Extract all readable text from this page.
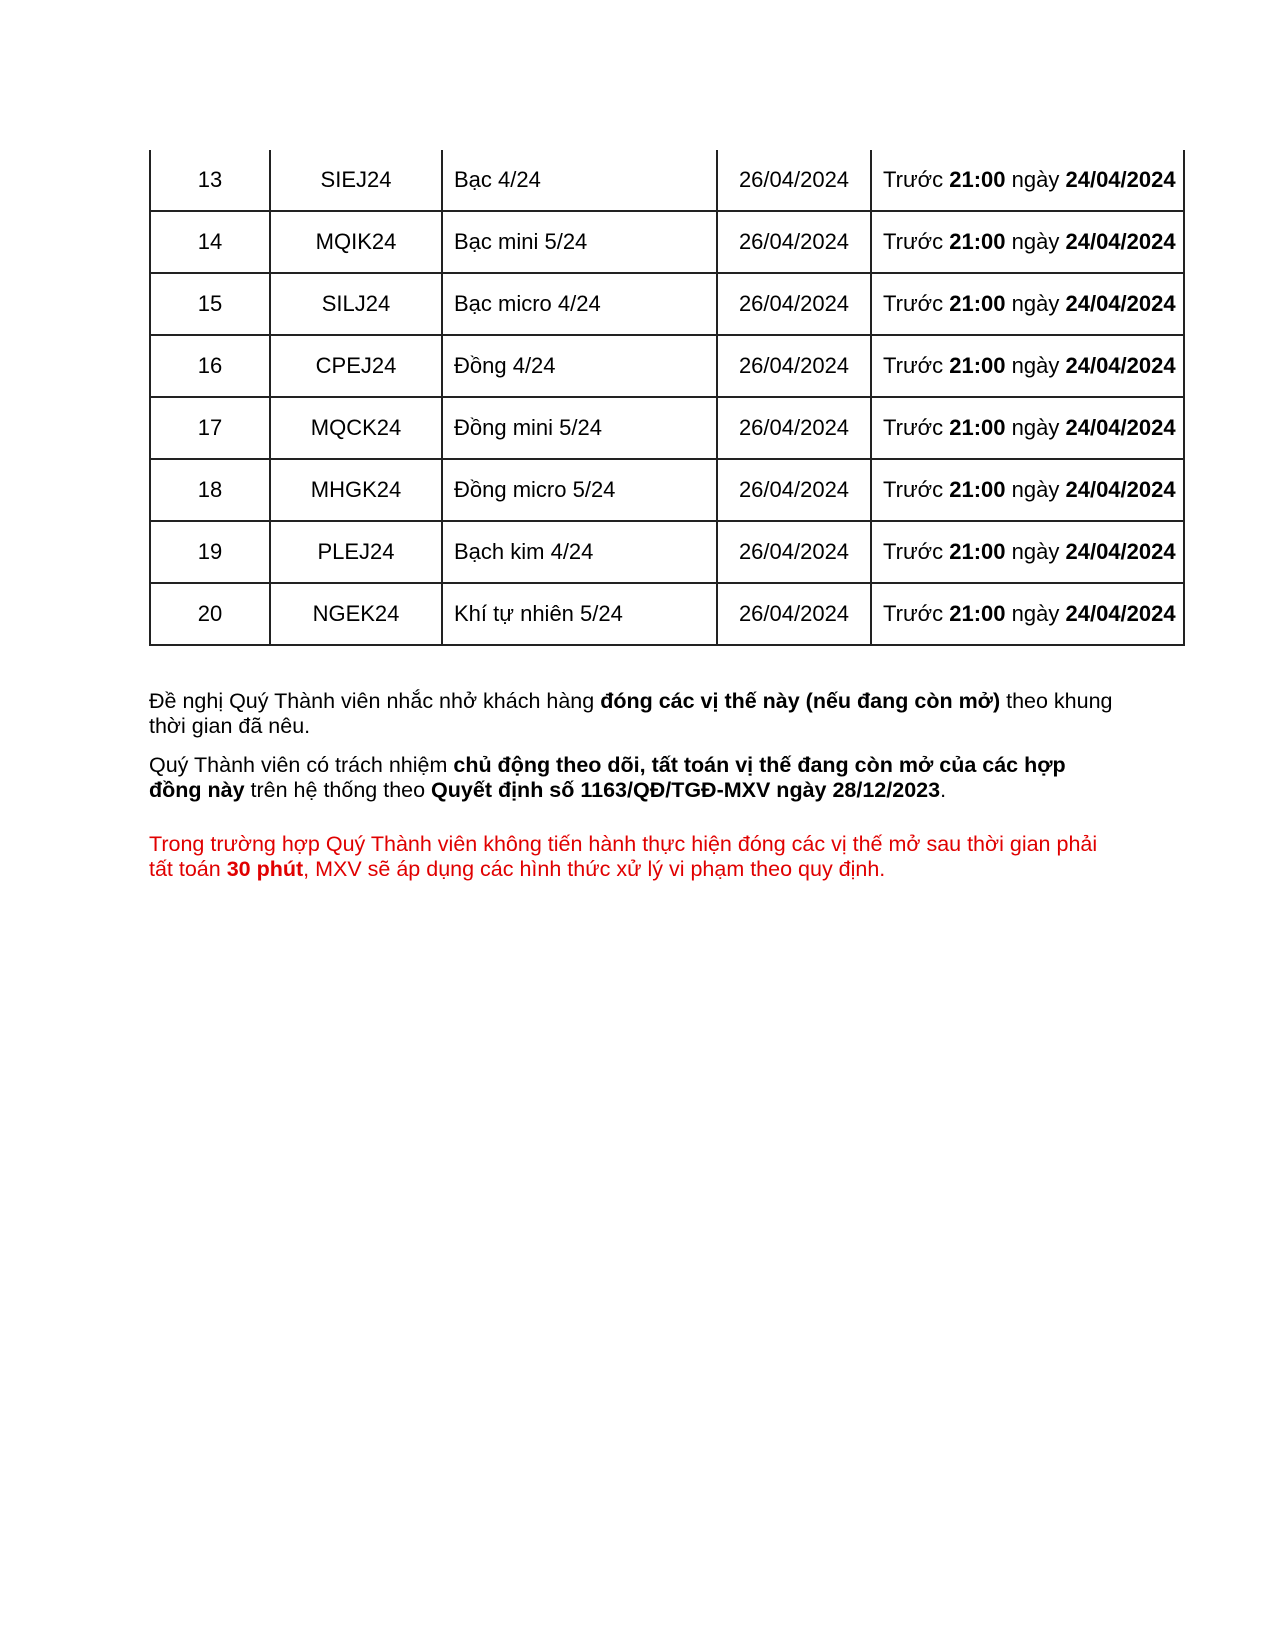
13	SIEJ24	Bạc 4/24	26/04/2024	Trước 21:00 ngày 24/04/2024
14	MQIK24	Bạc mini 5/24	26/04/2024	Trước 21:00 ngày 24/04/2024
15	SILJ24	Bạc micro 4/24	26/04/2024	Trước 21:00 ngày 24/04/2024
16	CPEJ24	Đồng 4/24	26/04/2024	Trước 21:00 ngày 24/04/2024
17	MQCK24	Đồng mini 5/24	26/04/2024	Trước 21:00 ngày 24/04/2024
18	MHGK24	Đồng micro 5/24	26/04/2024	Trước 21:00 ngày 24/04/2024
19	PLEJ24	Bạch kim 4/24	26/04/2024	Trước 21:00 ngày 24/04/2024
20	NGEK24	Khí tự nhiên 5/24	26/04/2024	Trước 21:00 ngày 24/04/2024

Đề nghị Quý Thành viên nhắc nhở khách hàng đóng các vị thế này (nếu đang còn mở) theo khung thời gian đã nêu.

Quý Thành viên có trách nhiệm chủ động theo dõi, tất toán vị thế đang còn mở của các hợp đồng này trên hệ thống theo Quyết định số 1163/QĐ/TGĐ-MXV ngày 28/12/2023.

Trong trường hợp Quý Thành viên không tiến hành thực hiện đóng các vị thế mở sau thời gian phải tất toán 30 phút, MXV sẽ áp dụng các hình thức xử lý vi phạm theo quy định.
